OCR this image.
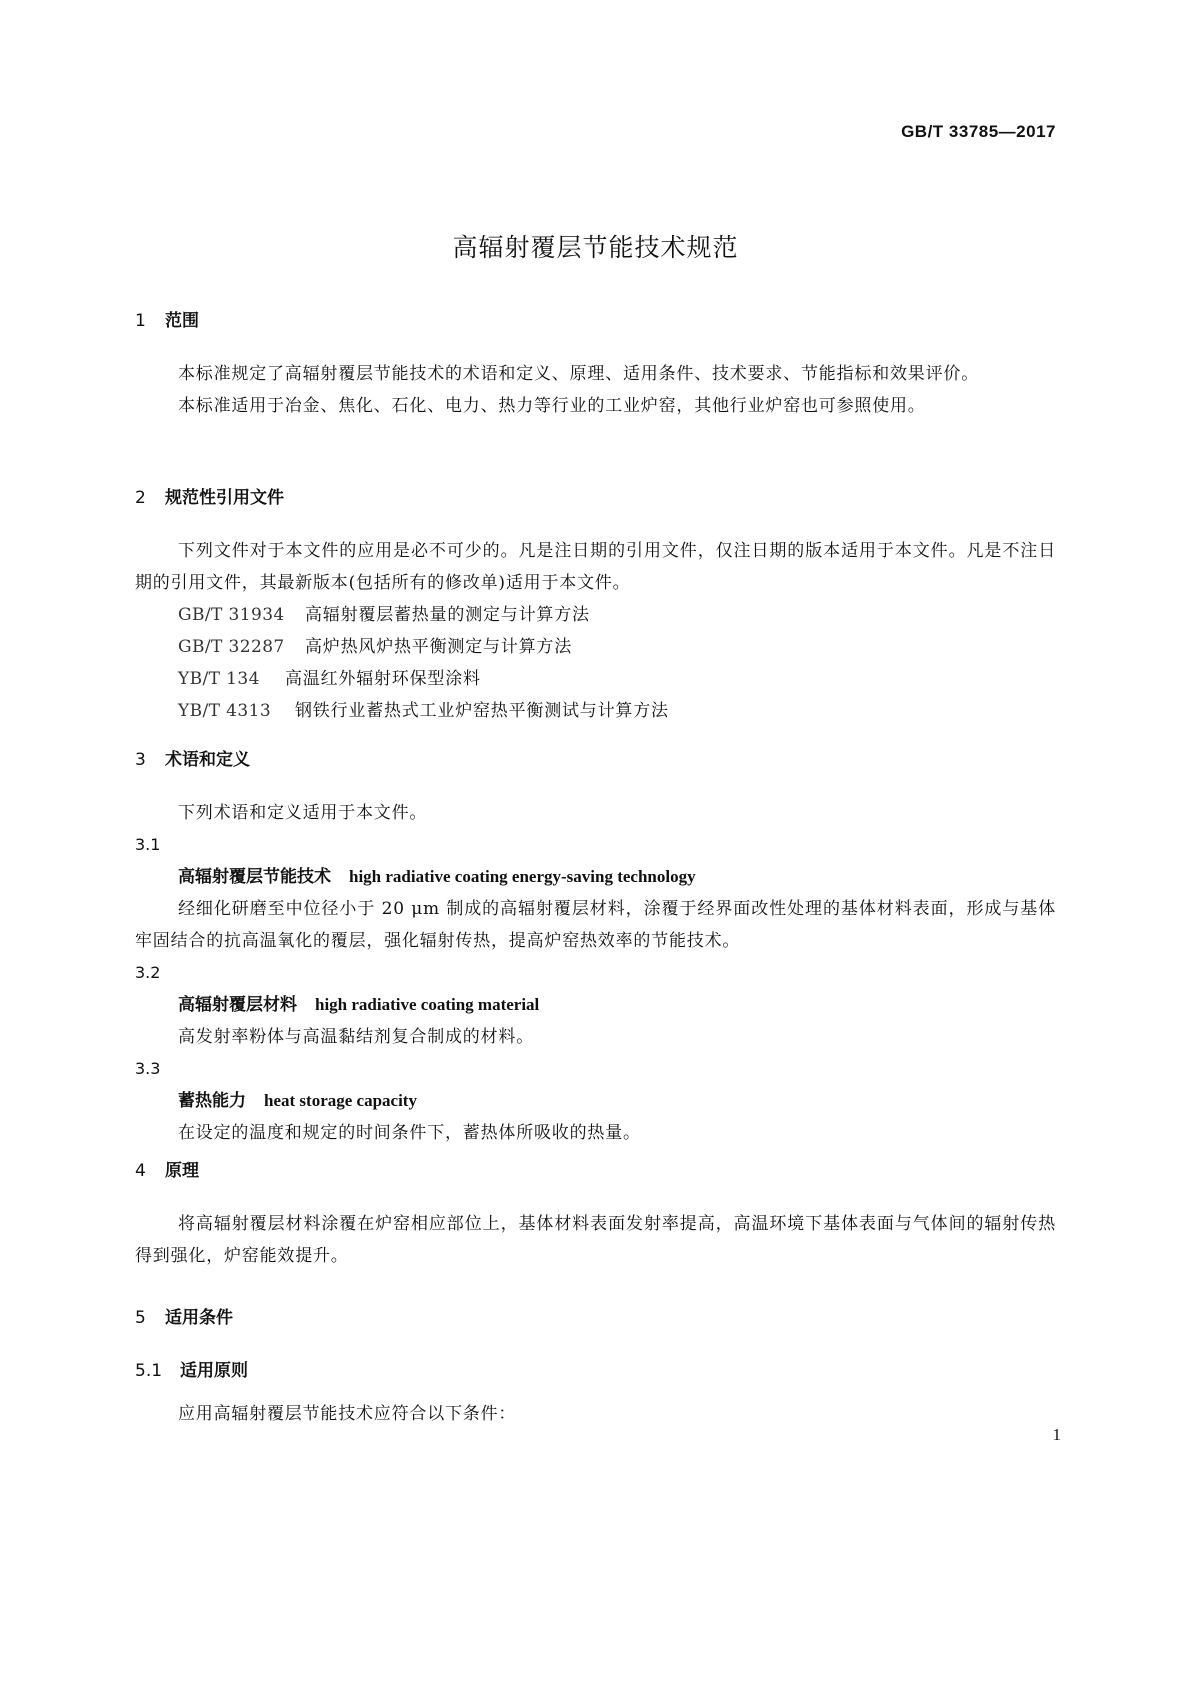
GB/T 33785—2017
高辐射覆层节能技术规范
1 范围
本标准规定了高辐射覆层节能技术的术语和定义、原理、适用条件、技术要求、节能指标和效果评价。
本标准适用于冶金、焦化、石化、电力、热力等行业的工业炉窑，其他行业炉窑也可参照使用。
2 规范性引用文件
下列文件对于本文件的应用是必不可少的。凡是注日期的引用文件，仅注日期的版本适用于本文件。凡是不注日期的引用文件，其最新版本(包括所有的修改单)适用于本文件。
GB/T 31934 高辐射覆层蓄热量的测定与计算方法
GB/T 32287 高炉热风炉热平衡测定与计算方法
YB/T 134 高温红外辐射环保型涂料
YB/T 4313 钢铁行业蓄热式工业炉窑热平衡测试与计算方法
3 术语和定义
下列术语和定义适用于本文件。
3.1
高辐射覆层节能技术 high radiative coating energy-saving technology
经细化研磨至中位径小于 20 μm 制成的高辐射覆层材料，涂覆于经界面改性处理的基体材料表面，形成与基体牢固结合的抗高温氧化的覆层，强化辐射传热，提高炉窑热效率的节能技术。
3.2
高辐射覆层材料 high radiative coating material
高发射率粉体与高温黏结剂复合制成的材料。
3.3
蓄热能力 heat storage capacity
在设定的温度和规定的时间条件下，蓄热体所吸收的热量。
4 原理
将高辐射覆层材料涂覆在炉窑相应部位上，基体材料表面发射率提高，高温环境下基体表面与气体间的辐射传热得到强化，炉窑能效提升。
5 适用条件
5.1 适用原则
应用高辐射覆层节能技术应符合以下条件：
1
